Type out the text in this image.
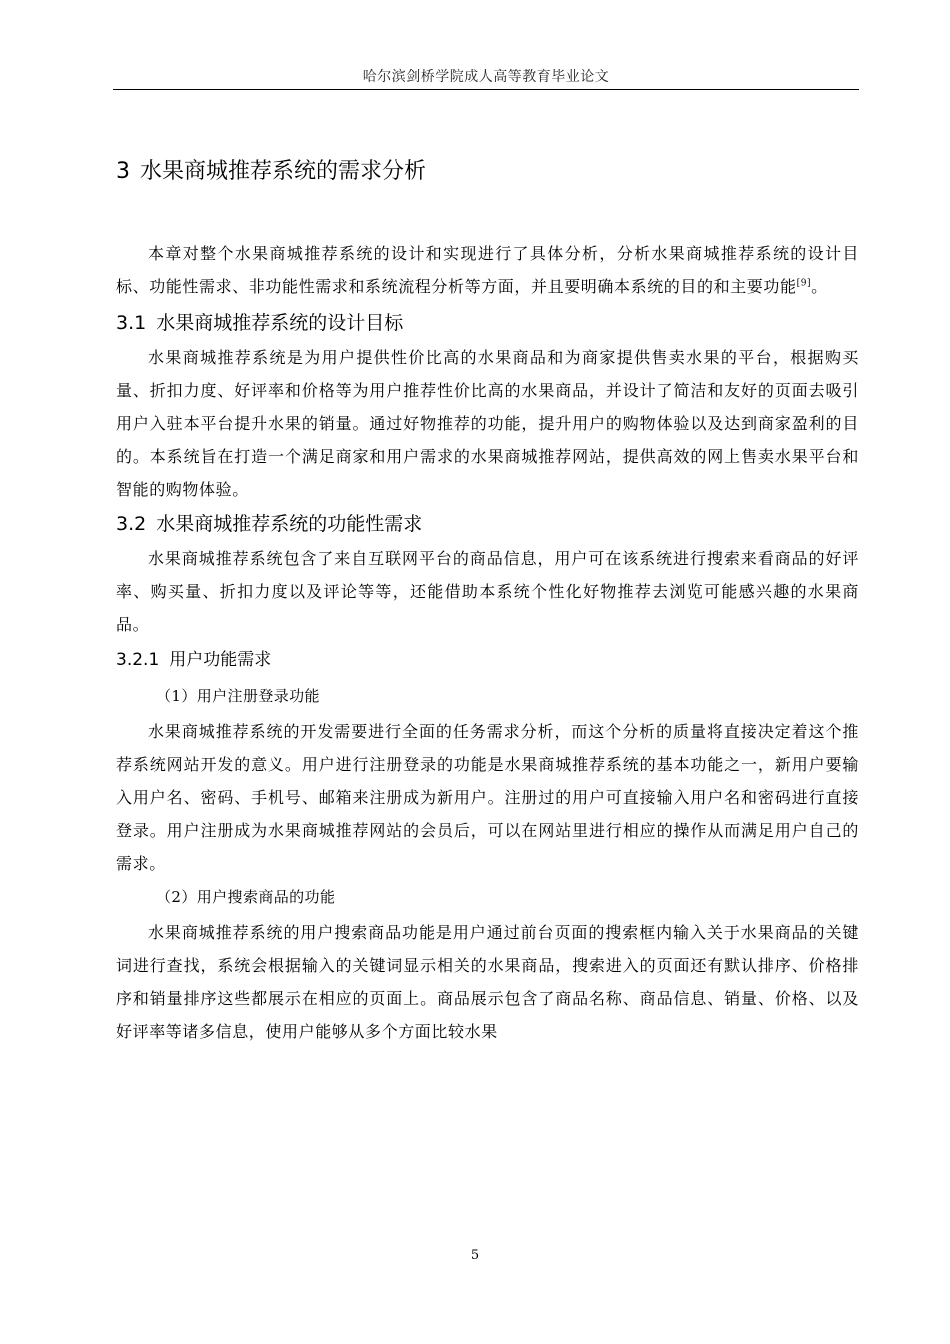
哈尔滨剑桥学院成人高等教育毕业论文
3 水果商城推荐系统的需求分析

本章对整个水果商城推荐系统的设计和实现进行了具体分析，分析水果商城推荐系统的设计目标、功能性需求、非功能性需求和系统流程分析等方面，并且要明确本系统的目的和主要功能[9]。

3.1 水果商城推荐系统的设计目标

水果商城推荐系统是为用户提供性价比高的水果商品和为商家提供售卖水果的平台，根据购买量、折扣力度、好评率和价格等为用户推荐性价比高的水果商品，并设计了简洁和友好的页面去吸引用户入驻本平台提升水果的销量。通过好物推荐的功能，提升用户的购物体验以及达到商家盈利的目的。本系统旨在打造一个满足商家和用户需求的水果商城推荐网站，提供高效的网上售卖水果平台和智能的购物体验。

3.2 水果商城推荐系统的功能性需求

水果商城推荐系统包含了来自互联网平台的商品信息，用户可在该系统进行搜索来看商品的好评率、购买量、折扣力度以及评论等等，还能借助本系统个性化好物推荐去浏览可能感兴趣的水果商品。

3.2.1 用户功能需求

（1）用户注册登录功能

水果商城推荐系统的开发需要进行全面的任务需求分析，而这个分析的质量将直接决定着这个推荐系统网站开发的意义。用户进行注册登录的功能是水果商城推荐系统的基本功能之一，新用户要输入用户名、密码、手机号、邮箱来注册成为新用户。注册过的用户可直接输入用户名和密码进行直接登录。用户注册成为水果商城推荐网站的会员后，可以在网站里进行相应的操作从而满足用户自己的需求。

（2）用户搜索商品的功能

水果商城推荐系统的用户搜索商品功能是用户通过前台页面的搜索框内输入关于水果商品的关键词进行查找，系统会根据输入的关键词显示相关的水果商品，搜索进入的页面还有默认排序、价格排序和销量排序这些都展示在相应的页面上。商品展示包含了商品名称、商品信息、销量、价格、以及好评率等诸多信息，使用户能够从多个方面比较水果

5
